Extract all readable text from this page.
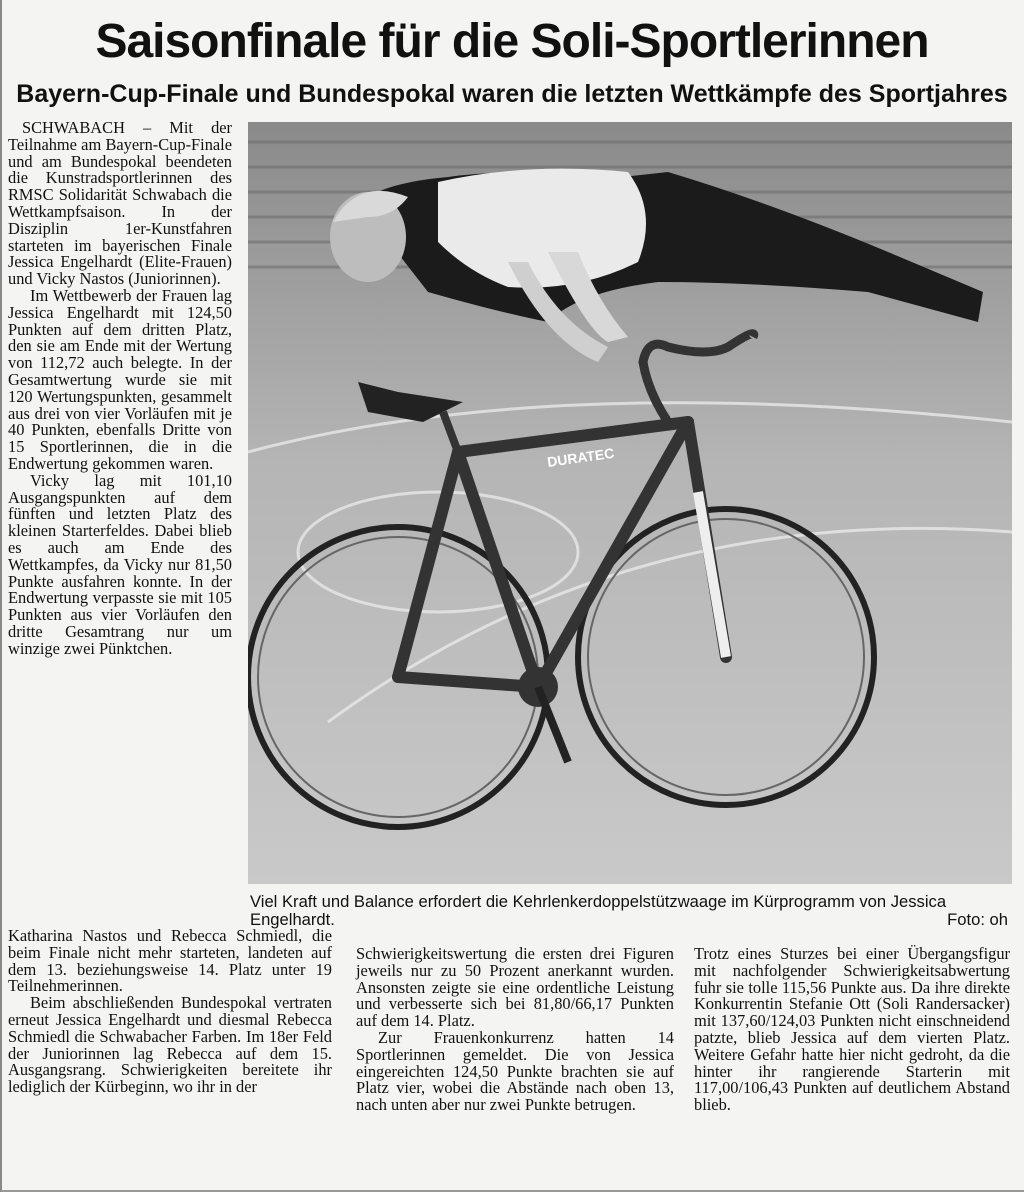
Saisonfinale für die Soli-Sportlerinnen
Bayern-Cup-Finale und Bundespokal waren die letzten Wettkämpfe des Sportjahres

SCHWABACH – Mit der Teilnahme am Bayern-Cup-Finale und am Bundespokal beendeten die Kunstradsportlerinnen des RMSC Solidarität Schwabach die Wettkampfsaison. In der Disziplin 1er-Kunstfahren starteten im bayerischen Finale Jessica Engelhardt (Elite-Frauen) und Vicky Nastos (Juniorinnen).

Im Wettbewerb der Frauen lag Jessica Engelhardt mit 124,50 Punkten auf dem dritten Platz, den sie am Ende mit der Wertung von 112,72 auch belegte. In der Gesamtwertung wurde sie mit 120 Wertungspunkten, gesammelt aus drei von vier Vorläufen mit je 40 Punkten, ebenfalls Dritte von 15 Sportlerinnen, die in die Endwertung gekommen waren.

Vicky lag mit 101,10 Ausgangspunkten auf dem fünften und letzten Platz des kleinen Starterfeldes. Dabei blieb es auch am Ende des Wettkampfes, da Vicky nur 81,50 Punkte ausfahren konnte. In der Endwertung verpasste sie mit 105 Punkten aus vier Vorläufen den dritte Gesamtrang nur um winzige zwei Pünktchen.

Katharina Nastos und Rebecca Schmiedl, die beim Finale nicht mehr starteten, landeten auf dem 13. beziehungsweise 14. Platz unter 19 Teilnehmerinnen.

Beim abschließenden Bundespokal vertraten erneut Jessica Engelhardt und diesmal Rebecca Schmiedl die Schwabacher Farben. Im 18er Feld der Juniorinnen lag Rebecca auf dem 15. Ausgangsrang. Schwierigkeiten bereitete ihr lediglich der Kürbeginn, wo ihr in der

Schwierigkeitswertung die ersten drei Figuren jeweils nur zu 50 Prozent anerkannt wurden. Ansonsten zeigte sie eine ordentliche Leistung und verbesserte sich bei 81,80/66,17 Punkten auf dem 14. Platz.

Zur Frauenkonkurrenz hatten 14 Sportlerinnen gemeldet. Die von Jessica eingereichten 124,50 Punkte brachten sie auf Platz vier, wobei die Abstände nach oben 13, nach unten aber nur zwei Punkte betrugen.

Trotz eines Sturzes bei einer Übergangsfigur mit nachfolgender Schwierigkeitsabwertung fuhr sie tolle 115,56 Punkte aus. Da ihre direkte Konkurrentin Stefanie Ott (Soli Randersacker) mit 137,60/124,03 Punkten nicht einschneidend patzte, blieb Jessica auf dem vierten Platz. Weitere Gefahr hatte hier nicht gedroht, da die hinter ihr rangierende Starterin mit 117,00/106,43 Punkten auf deutlichem Abstand blieb.

DURATEC
Viel Kraft und Balance erfordert die Kehrlenkerdoppelstützwaage im Kürprogramm von Jessica Engelhardt.	Foto: oh
